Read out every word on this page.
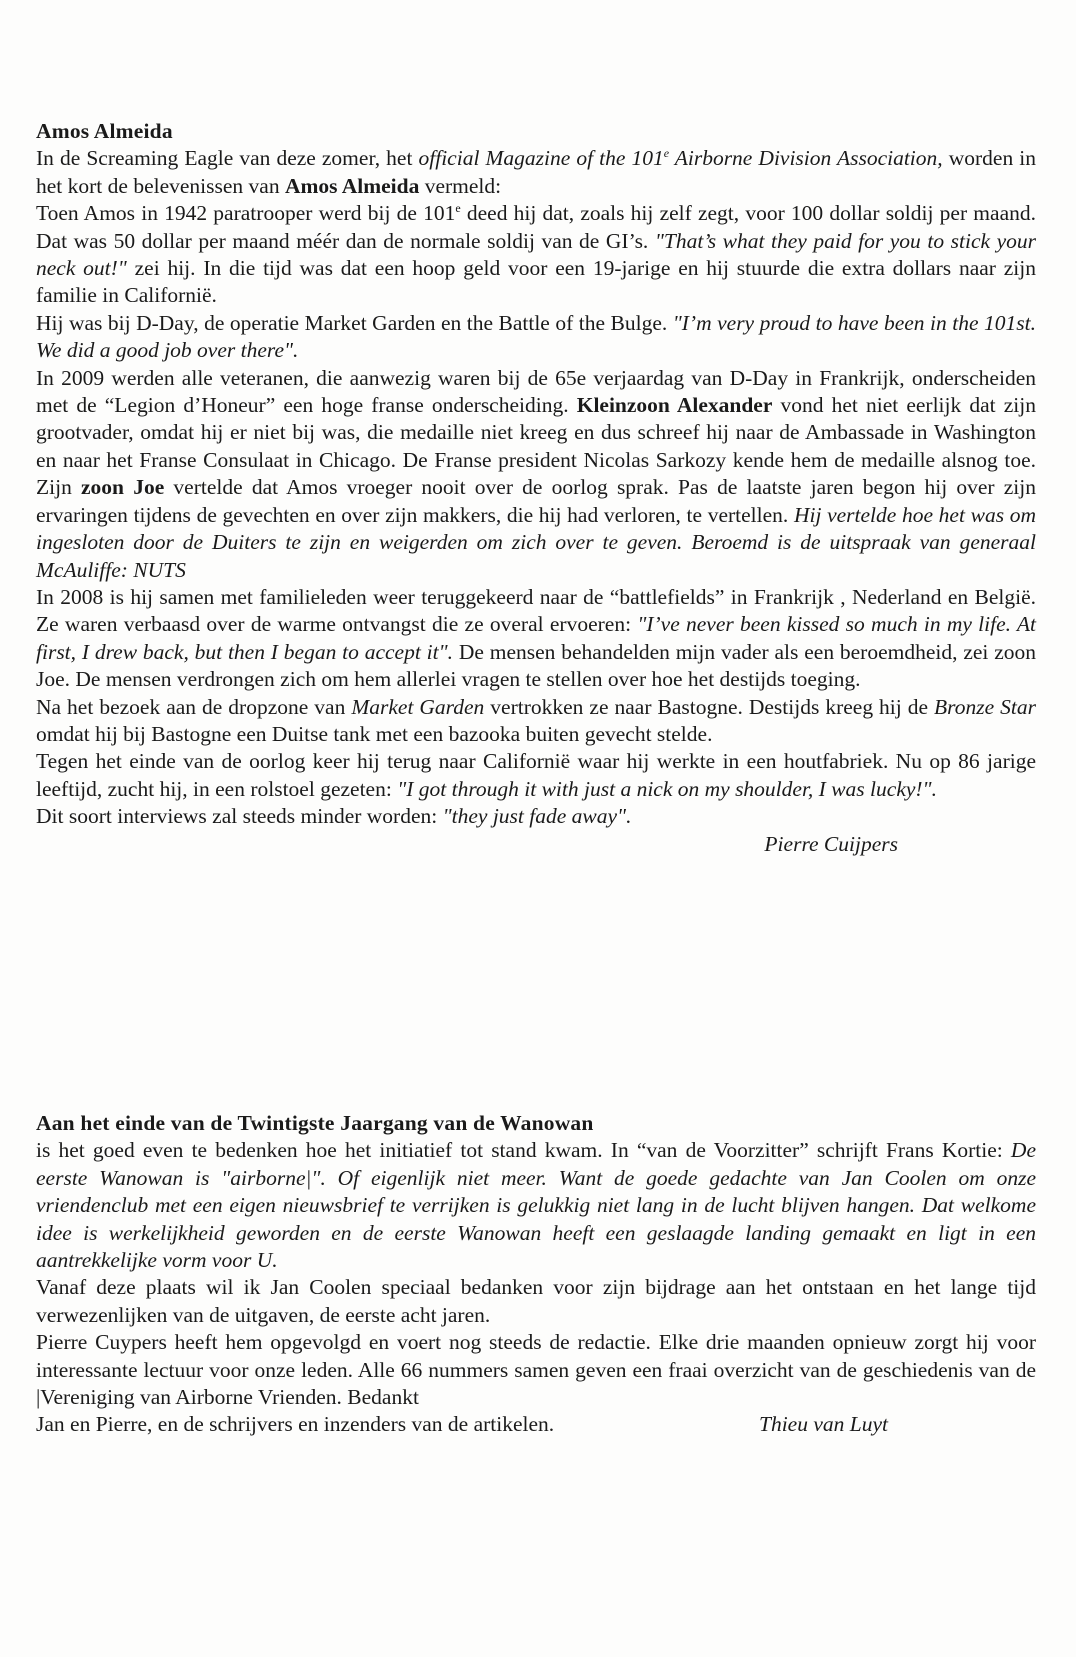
Amos Almeida

In de Screaming Eagle van deze zomer, het official Magazine of the 101e Airborne Division Association, worden in het kort de belevenissen van Amos Almeida vermeld:

Toen Amos in 1942 paratrooper werd bij de 101e deed hij dat, zoals hij zelf zegt, voor 100 dollar soldij per maand. Dat was 50 dollar per maand méér dan de normale soldij van de GI’s. "That’s what they paid for you to stick your neck out!" zei hij. In die tijd was dat een hoop geld voor een 19-jarige en hij stuurde die extra dollars naar zijn familie in Californië.

Hij was bij D-Day, de operatie Market Garden en the Battle of the Bulge. "I’m very proud to have been in the 101st. We did a good job over there".

In 2009 werden alle veteranen, die aanwezig waren bij de 65e verjaardag van D-Day in Frankrijk, onderscheiden met de “Legion d’Honeur” een hoge franse onderscheiding. Kleinzoon Alexander vond het niet eerlijk dat zijn grootvader, omdat hij er niet bij was, die medaille niet kreeg en dus schreef hij naar de Ambassade in Washington en naar het Franse Consulaat in Chicago. De Franse president Nicolas Sarkozy kende hem de medaille alsnog toe. Zijn zoon Joe vertelde dat Amos vroeger nooit over de oorlog sprak. Pas de laatste jaren begon hij over zijn ervaringen tijdens de gevechten en over zijn makkers, die hij had verloren, te vertellen. Hij vertelde hoe het was om ingesloten door de Duiters te zijn en weigerden om zich over te geven. Beroemd is de uitspraak van generaal McAuliffe: NUTS

In 2008 is hij samen met familieleden weer teruggekeerd naar de “battlefields” in Frankrijk , Nederland en België. Ze waren verbaasd over de warme ontvangst die ze overal ervoeren: "I’ve never been kissed so much in my life. At first, I drew back, but then I began to accept it". De mensen behandelden mijn vader als een beroemdheid, zei zoon Joe. De mensen verdrongen zich om hem allerlei vragen te stellen over hoe het destijds toeging.

Na het bezoek aan de dropzone van Market Garden vertrokken ze naar Bastogne. Destijds kreeg hij de Bronze Star omdat hij bij Bastogne een Duitse tank met een bazooka buiten gevecht stelde.

Tegen het einde van de oorlog keer hij terug naar Californië waar hij werkte in een houtfabriek. Nu op 86 jarige leeftijd, zucht hij, in een rolstoel gezeten: "I got through it with just a nick on my shoulder, I was lucky!".

Dit soort interviews zal steeds minder worden: "they just fade away".

Pierre Cuijpers

Aan het einde van de Twintigste Jaargang van de Wanowan

is het goed even te bedenken hoe het initiatief tot stand kwam. In “van de Voorzitter” schrijft Frans Kortie: De eerste Wanowan is "airborne|". Of eigenlijk niet meer. Want de goede gedachte van Jan Coolen om onze vriendenclub met een eigen nieuwsbrief te verrijken is gelukkig niet lang in de lucht blijven hangen. Dat welkome idee is werkelijkheid geworden en de eerste Wanowan heeft een geslaagde landing gemaakt en ligt in een aantrekkelijke vorm voor U.

Vanaf deze plaats wil ik Jan Coolen speciaal bedanken voor zijn bijdrage aan het ontstaan en het lange tijd verwezenlijken van de uitgaven, de eerste acht jaren.

Pierre Cuypers heeft hem opgevolgd en voert nog steeds de redactie. Elke drie maanden opnieuw zorgt hij voor interessante lectuur voor onze leden. Alle 66 nummers samen geven een fraai overzicht van de geschiedenis van de |Vereniging van Airborne Vrienden. Bedankt

Jan en Pierre, en de schrijvers en inzenders van de artikelen.	Thieu van Luyt
